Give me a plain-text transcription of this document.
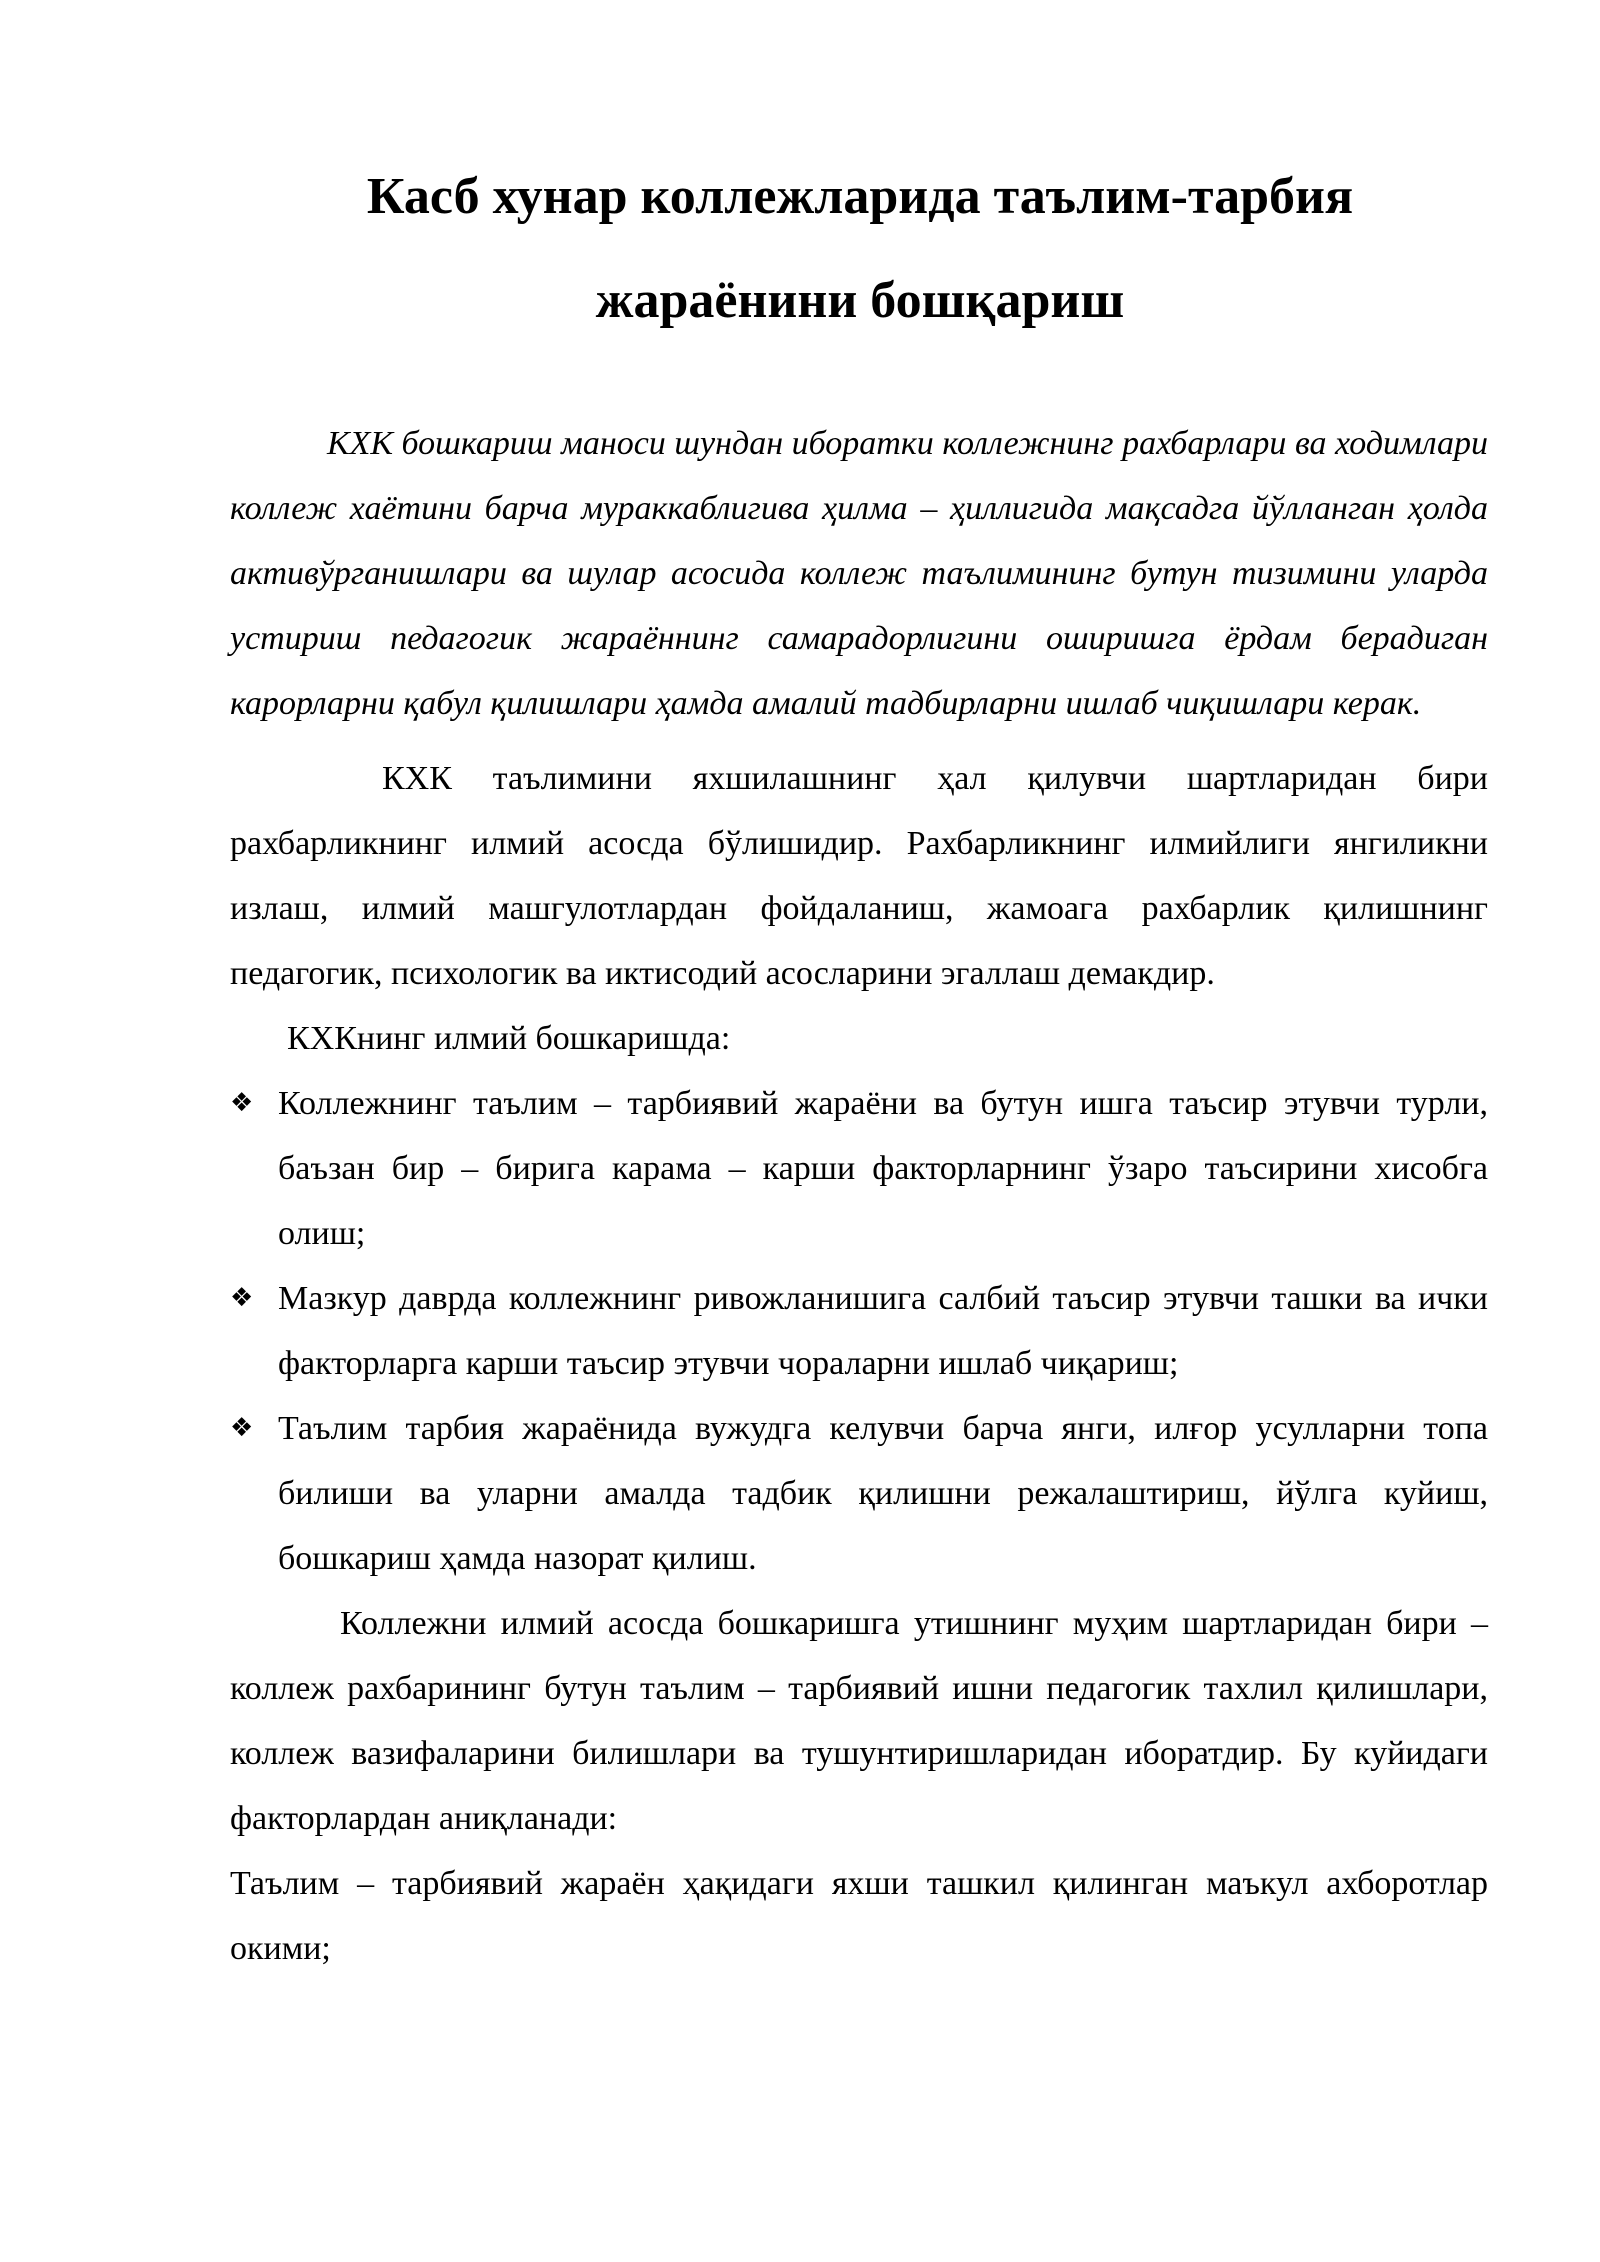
Касб хунар коллежларида таълим-тарбия жараёнини бошқариш

КХК бошкариш маноси шундан иборатки коллежнинг рахбарлари ва ходимлари коллеж хаётини барча мураккаблигива ҳилма – ҳиллигида мақсадга йўлланган ҳолда активўрганишлари ва шулар асосида коллеж таълимининг бутун тизимини уларда устириш педагогик жараённинг самарадорлигини оширишга ёрдам берадиган карорларни қабул қилишлари ҳамда амалий тадбирларни ишлаб чиқишлари керак.

КХК таълимини яхшилашнинг ҳал қилувчи шартларидан бири рахбарликнинг илмий асосда бўлишидир. Рахбарликнинг илмийлиги янгиликни излаш, илмий машгулотлардан фойдаланиш, жамоага рахбарлик қилишнинг педагогик, психологик ва иктисодий асосларини эгаллаш демакдир.

КХКнинг илмий бошкаришда:

❖ Коллежнинг таълим – тарбиявий жараёни ва бутун ишга таъсир этувчи турли, баъзан бир – бирига карама – карши факторларнинг ўзаро таъсирини хисобга олиш;
❖ Мазкур даврда коллежнинг ривожланишига салбий таъсир этувчи ташки ва ички факторларга карши таъсир этувчи чораларни ишлаб чиқариш;
❖ Таълим тарбия жараёнида вужудга келувчи барча янги, илғор усулларни топа билиши ва уларни амалда тадбик қилишни режалаштириш, йўлга куйиш, бошкариш ҳамда назорат қилиш.

Коллежни илмий асосда бошкаришга утишнинг муҳим шартларидан бири – коллеж рахбарининг бутун таълим – тарбиявий ишни педагогик тахлил қилишлари, коллеж вазифаларини билишлари ва тушунтиришларидан иборатдир. Бу куйидаги факторлардан аниқланади:

Таълим – тарбиявий жараён ҳақидаги яхши ташкил қилинган маъкул ахборотлар окими;
